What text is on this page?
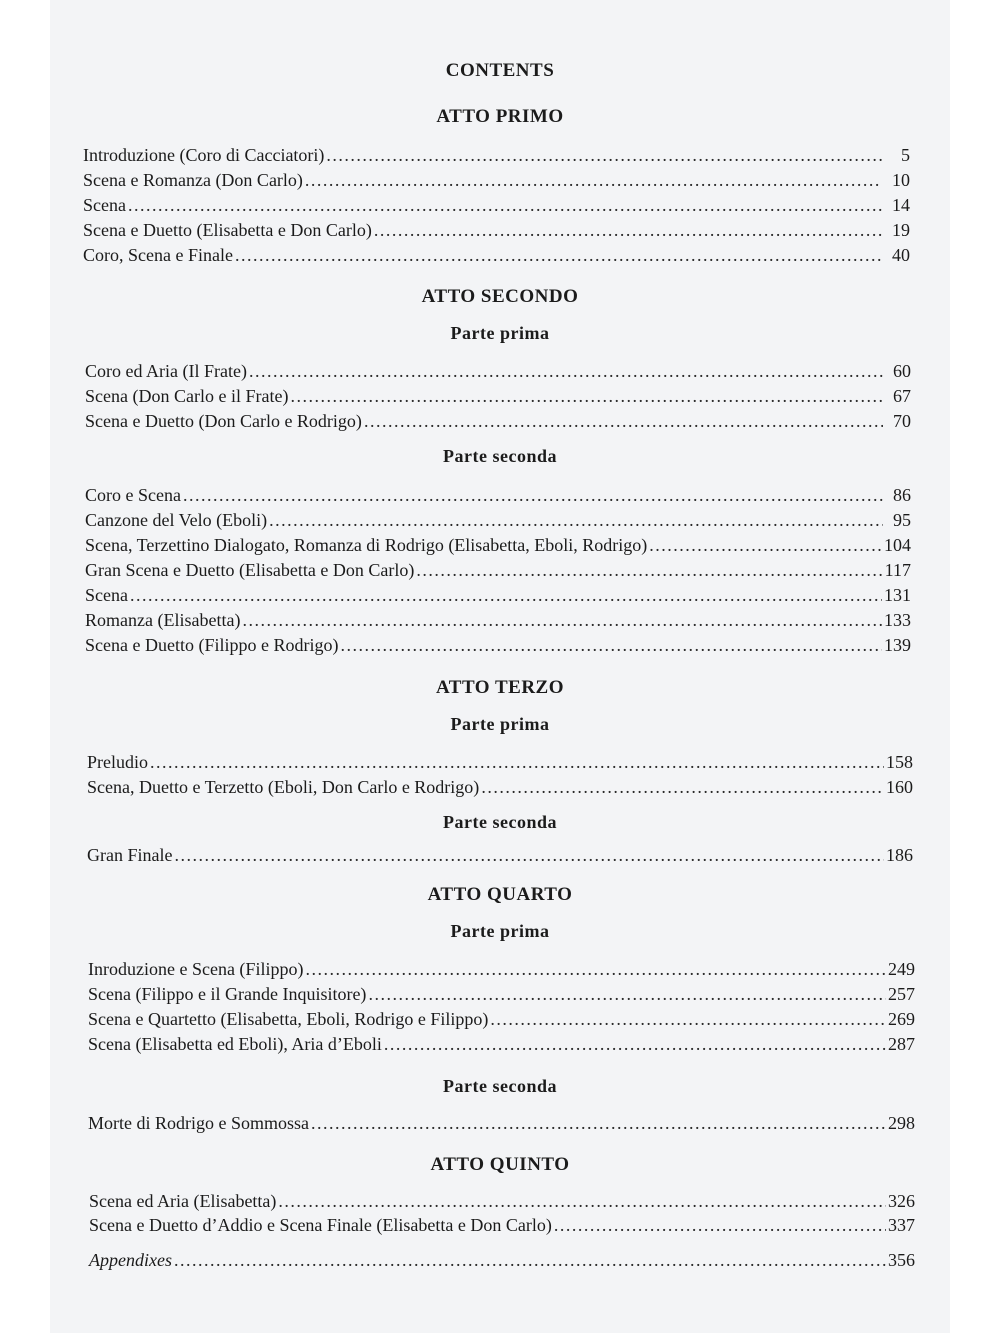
CONTENTS
ATTO PRIMO
Introduzione (Coro di Cacciatori) .....	5
Scena e Romanza (Don Carlo) .....	10
Scena .....	14
Scena e Duetto (Elisabetta e Don Carlo) .....	19
Coro, Scena e Finale .....	40
ATTO SECONDO
Parte prima
Coro ed Aria (Il Frate) .....	60
Scena (Don Carlo e il Frate) .....	67
Scena e Duetto (Don Carlo e Rodrigo) .....	70
Parte seconda
Coro e Scena .....	86
Canzone del Velo (Eboli) .....	95
Scena, Terzettino Dialogato, Romanza di Rodrigo (Elisabetta, Eboli, Rodrigo) .....	104
Gran Scena e Duetto (Elisabetta e Don Carlo) .....	117
Scena .....	131
Romanza (Elisabetta) .....	133
Scena e Duetto (Filippo e Rodrigo) .....	139
ATTO TERZO
Parte prima
Preludio .....	158
Scena, Duetto e Terzetto (Eboli, Don Carlo e Rodrigo) .....	160
Parte seconda
Gran Finale .....	186
ATTO QUARTO
Parte prima
Inroduzione e Scena (Filippo) .....	249
Scena (Filippo e il Grande Inquisitore) .....	257
Scena e Quartetto (Elisabetta, Eboli, Rodrigo e Filippo) .....	269
Scena (Elisabetta ed Eboli), Aria d’Eboli .....	287
Parte seconda
Morte di Rodrigo e Sommossa .....	298
ATTO QUINTO
Scena ed Aria (Elisabetta) .....	326
Scena e Duetto d’Addio e Scena Finale (Elisabetta e Don Carlo) .....	337
Appendixes .....	356
